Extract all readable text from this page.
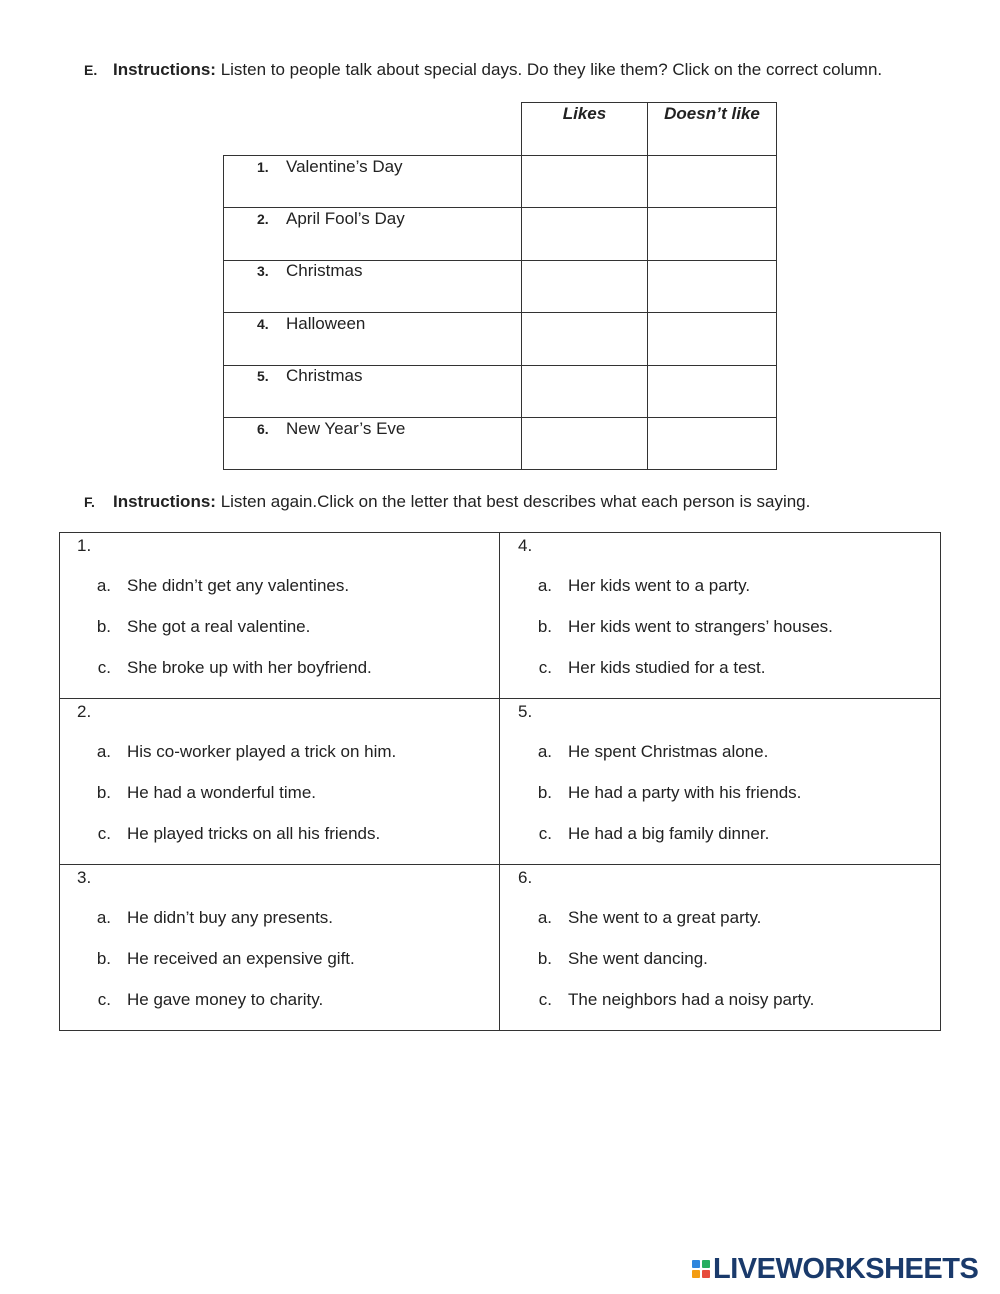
E. Instructions: Listen to people talk about special days. Do they like them? Click on the correct column.
Likes	Doesn’t like
1. Valentine’s Day
2. April Fool’s Day
3. Christmas
4. Halloween
5. Christmas
6. New Year’s Eve
F. Instructions: Listen again.Click on the letter that best describes what each person is saying.
1.
a. She didn’t get any valentines.
b. She got a real valentine.
c. She broke up with her boyfriend.
4.
a. Her kids went to a party.
b. Her kids went to strangers’ houses.
c. Her kids studied for a test.
2.
a. His co-worker played a trick on him.
b. He had a wonderful time.
c. He played tricks on all his friends.
5.
a. He spent Christmas alone.
b. He had a party with his friends.
c. He had a big family dinner.
3.
a. He didn’t buy any presents.
b. He received an expensive gift.
c. He gave money to charity.
6.
a. She went to a great party.
b. She went dancing.
c. The neighbors had a noisy party.
LIVEWORKSHEETS
